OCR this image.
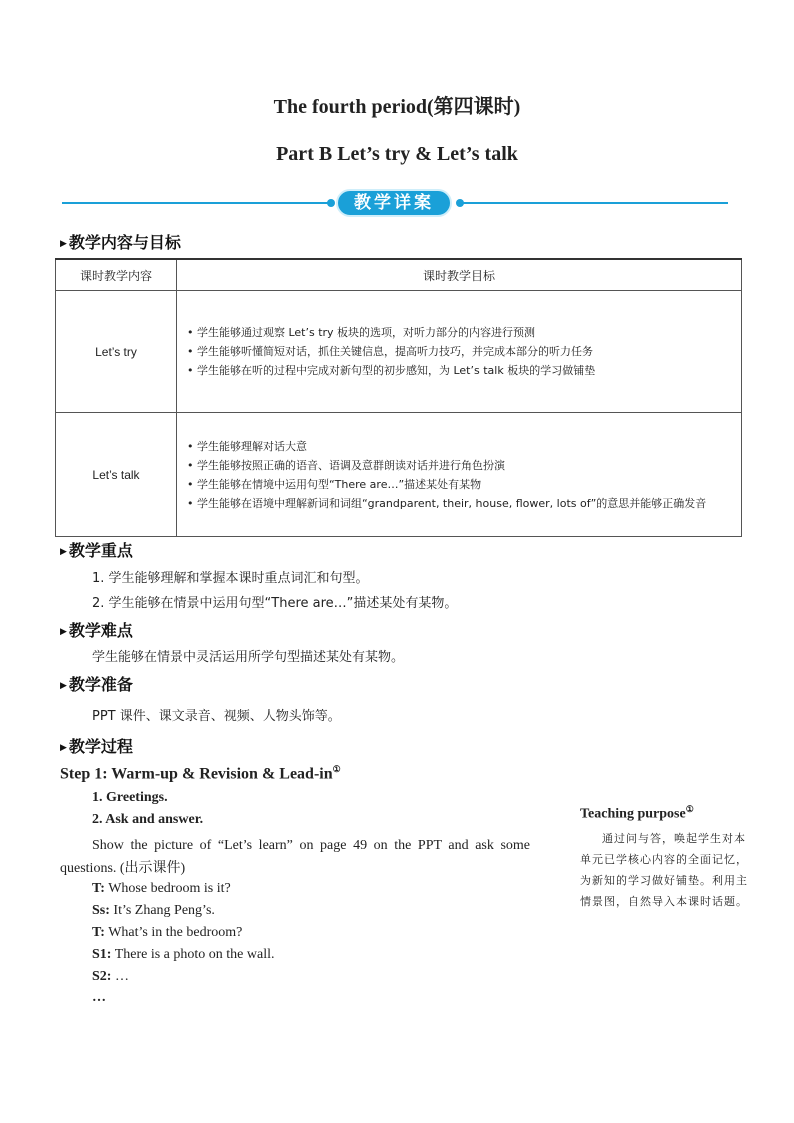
The fourth period(第四课时)
Part B Let’s try & Let’s talk
教学详案
▶ 教学内容与目标
课时教学内容	课时教学目标
Let’s try	• 学生能够通过观察 Let’s try 板块的选项，对听力部分的内容进行预测
• 学生能够听懂简短对话，抓住关键信息，提高听力技巧，并完成本部分的听力任务
• 学生能够在听的过程中完成对新句型的初步感知，为 Let’s talk 板块的学习做铺垫

Let’s talk	• 学生能够理解对话大意
• 学生能够按照正确的语音、语调及意群朗读对话并进行角色扮演
• 学生能够在情境中运用句型“There are…”描述某处有某物
• 学生能够在语境中理解新词和词组“grandparent, their, house, flower, lots of”的意思并能够正确发音
▶ 教学重点
1. 学生能够理解和掌握本课时重点词汇和句型。
2. 学生能够在情景中运用句型“There are…”描述某处有某物。
▶ 教学难点
学生能够在情景中灵活运用所学句型描述某处有某物。
▶ 教学准备
PPT 课件、课文录音、视频、人物头饰等。
▶ 教学过程
Step 1: Warm-up & Revision & Lead-in①
1. Greetings.
2. Ask and answer.
Show the picture of “Let’s learn” on page 49 on the PPT and ask some questions. (出示课件)
T: Whose bedroom is it?
Ss: It’s Zhang Peng’s.
T: What’s in the bedroom?
S1: There is a photo on the wall.
S2: …
…
Teaching purpose①
通过问与答，唤起学生对本单元已学核心内容的全面记忆，为新知的学习做好铺垫。利用主情景图，自然导入本课时话题。
